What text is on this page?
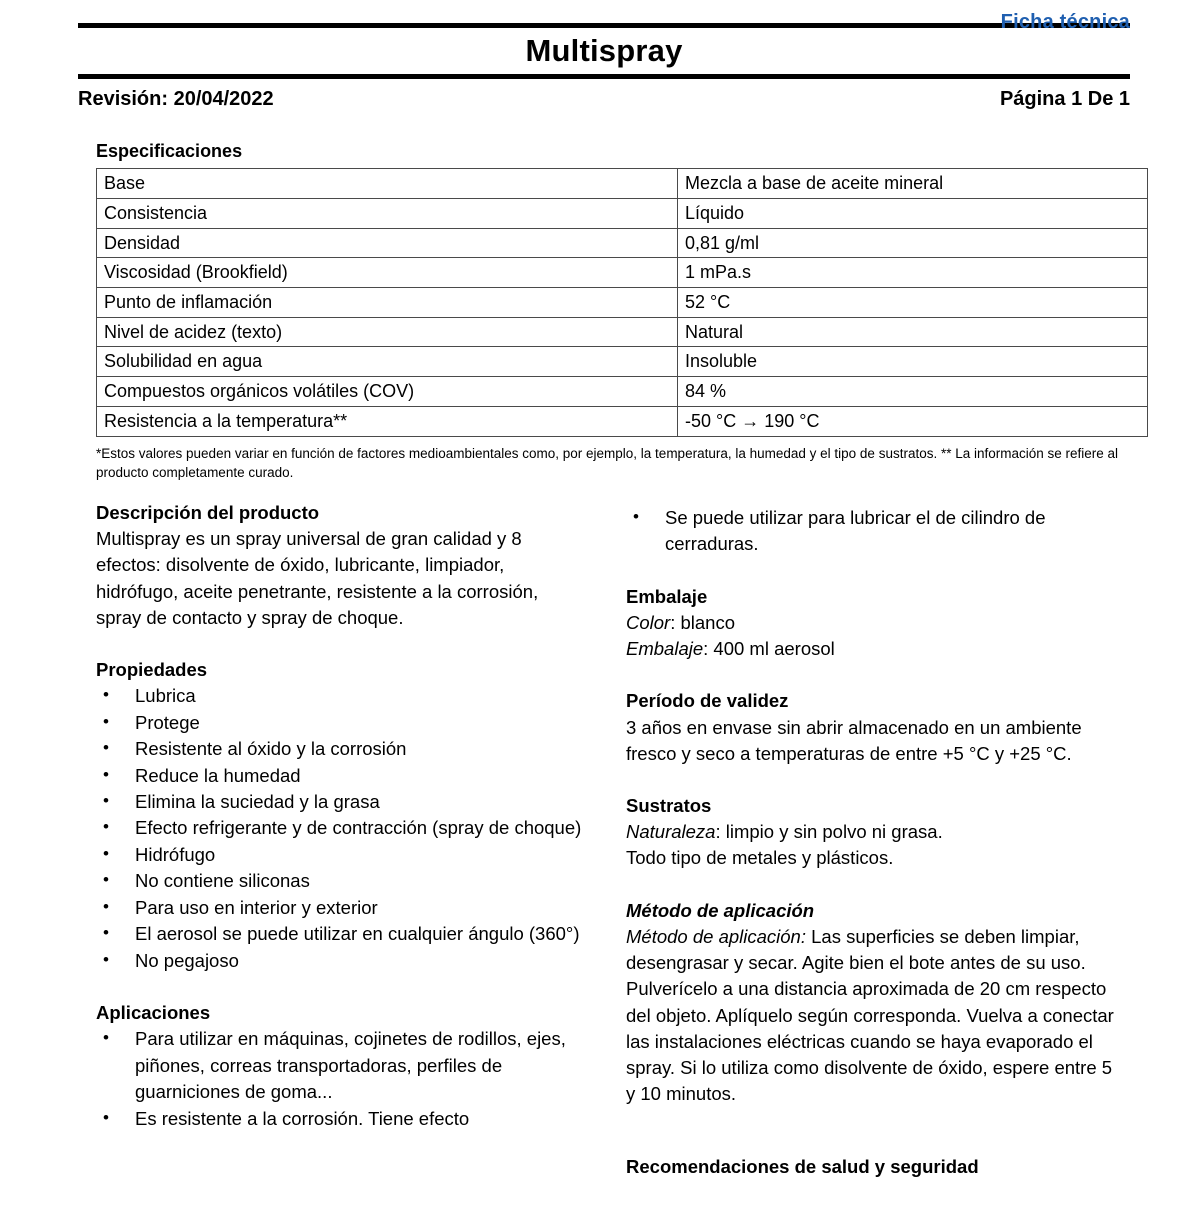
Ficha técnica
Multispray
Revisión: 20/04/2022	Página 1 De 1
Especificaciones
Base	Mezcla a base de aceite mineral
Consistencia	Líquido
Densidad	0,81 g/ml
Viscosidad (Brookfield)	1 mPa.s
Punto de inflamación	52 °C
Nivel de acidez (texto)	Natural
Solubilidad en agua	Insoluble
Compuestos orgánicos volátiles (COV)	84 %
Resistencia a la temperatura**	-50 °C → 190 °C
*Estos valores pueden variar en función de factores medioambientales como, por ejemplo, la temperatura, la humedad y el tipo de sustratos. ** La información se refiere al producto completamente curado.
Descripción del producto

Multispray es un spray universal de gran calidad y 8 efectos: disolvente de óxido, lubricante, limpiador, hidrófugo, aceite penetrante, resistente a la corrosión, spray de contacto y spray de choque.

Propiedades
• Lubrica
• Protege
• Resistente al óxido y la corrosión
• Reduce la humedad
• Elimina la suciedad y la grasa
• Efecto refrigerante y de contracción (spray de choque)
• Hidrófugo
• No contiene siliconas
• Para uso en interior y exterior
• El aerosol se puede utilizar en cualquier ángulo (360°)
• No pegajoso
Aplicaciones
• Para utilizar en máquinas, cojinetes de rodillos, ejes, piñones, correas transportadoras, perfiles de guarniciones de goma...
• Es resistente a la corrosión. Tiene efecto
• Se puede utilizar para lubricar el de cilindro de cerraduras.
Embalaje

Color: blanco

Embalaje: 400 ml aerosol

Período de validez

3 años en envase sin abrir almacenado en un ambiente fresco y seco a temperaturas de entre +5 °C y +25 °C.

Sustratos

Naturaleza: limpio y sin polvo ni grasa.

Todo tipo de metales y plásticos.

Método de aplicación

Método de aplicación: Las superficies se deben limpiar, desengrasar y secar. Agite bien el bote antes de su uso. Pulverícelo a una distancia aproximada de 20 cm respecto del objeto. Aplíquelo según corresponda. Vuelva a conectar las instalaciones eléctricas cuando se haya evaporado el spray. Si lo utiliza como disolvente de óxido, espere entre 5 y 10 minutos.

Recomendaciones de salud y seguridad
